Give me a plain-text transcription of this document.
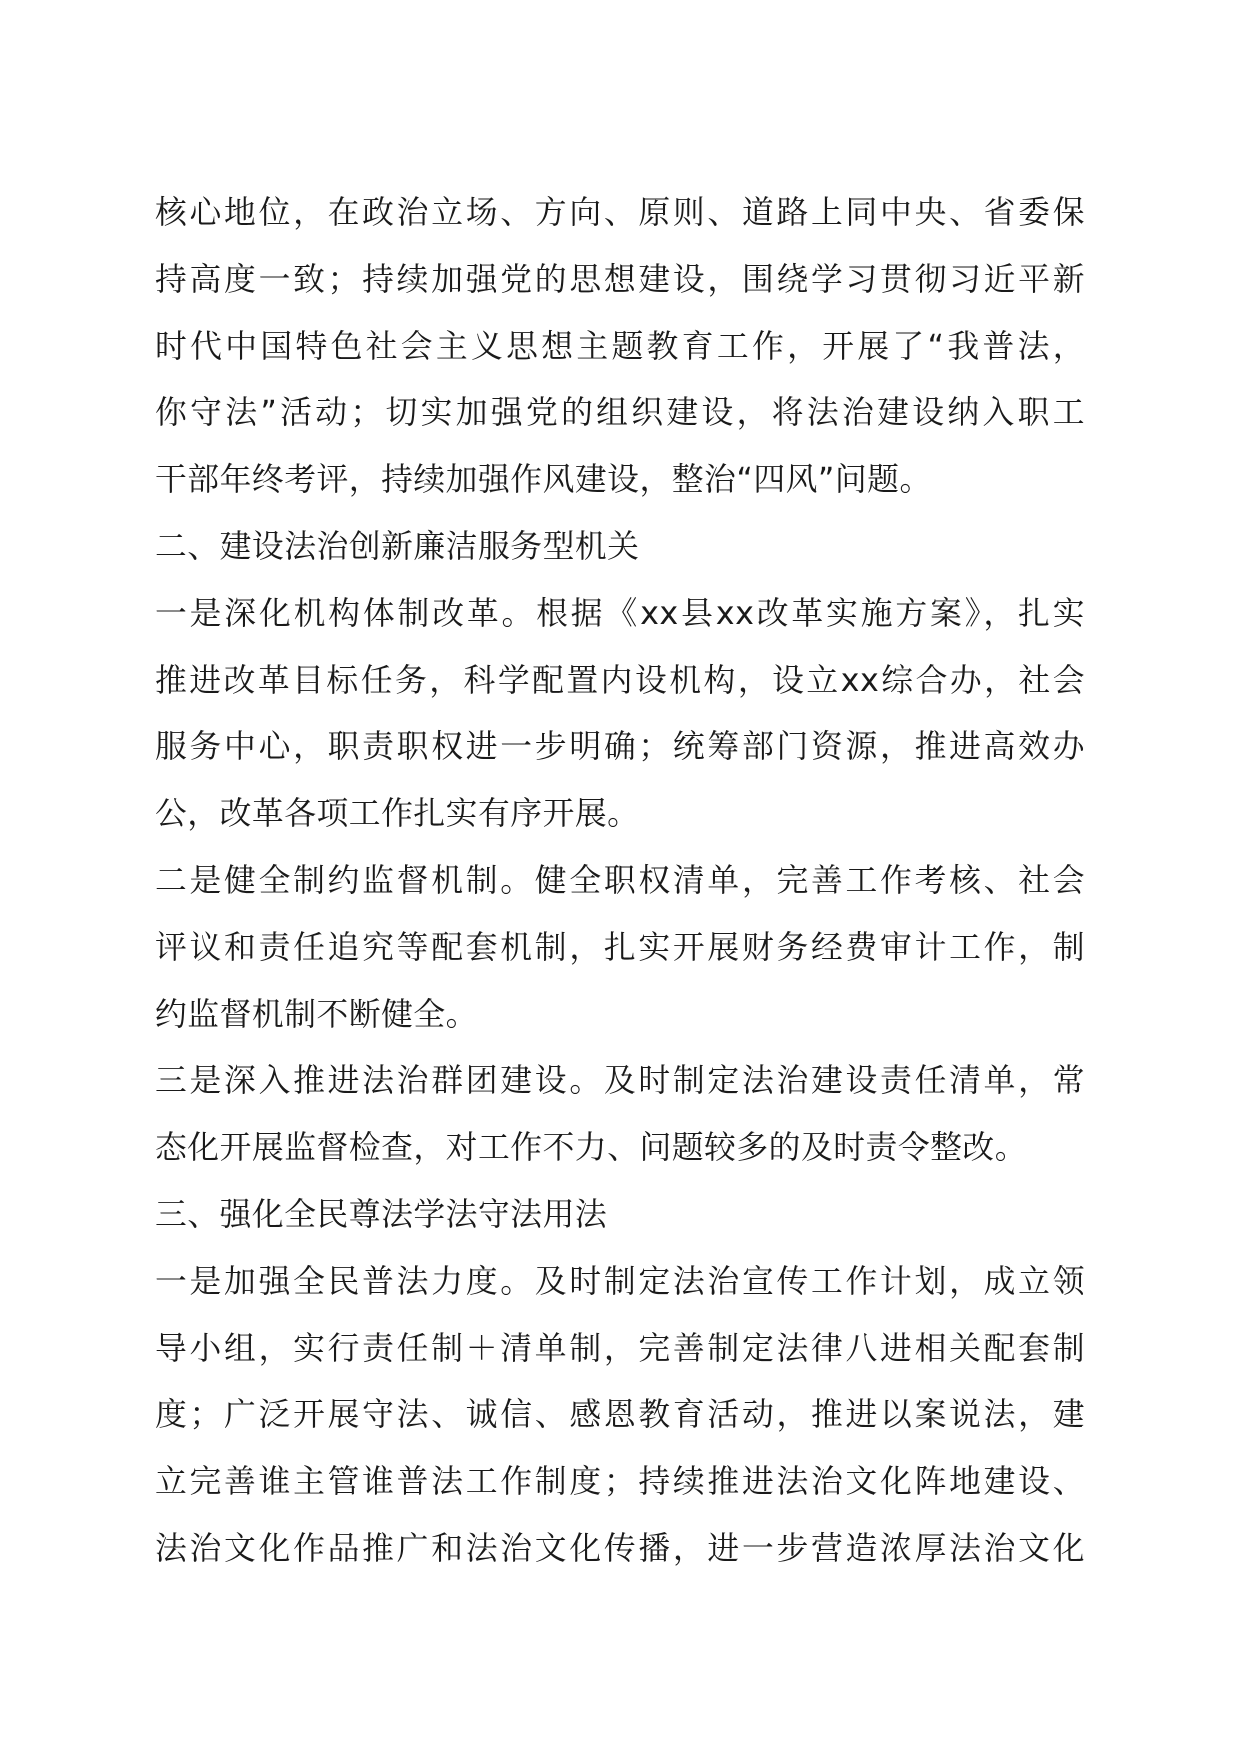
核心地位，在政治立场、方向、原则、道路上同中央、省委保
持高度一致；持续加强党的思想建设，围绕学习贯彻习近平新
时代中国特色社会主义思想主题教育工作，开展了“我普法，
你守法”活动；切实加强党的组织建设，将法治建设纳入职工
干部年终考评，持续加强作风建设，整治“四风”问题。
二、建设法治创新廉洁服务型机关
一是深化机构体制改革。根据《xx县xx改革实施方案》，扎实
推进改革目标任务，科学配置内设机构，设立xx综合办，社会
服务中心，职责职权进一步明确；统筹部门资源，推进高效办
公，改革各项工作扎实有序开展。
二是健全制约监督机制。健全职权清单，完善工作考核、社会
评议和责任追究等配套机制，扎实开展财务经费审计工作，制
约监督机制不断健全。
三是深入推进法治群团建设。及时制定法治建设责任清单，常
态化开展监督检查，对工作不力、问题较多的及时责令整改。
三、强化全民尊法学法守法用法
一是加强全民普法力度。及时制定法治宣传工作计划，成立领
导小组，实行责任制＋清单制，完善制定法律八进相关配套制
度；广泛开展守法、诚信、感恩教育活动，推进以案说法，建
立完善谁主管谁普法工作制度；持续推进法治文化阵地建设、
法治文化作品推广和法治文化传播，进一步营造浓厚法治文化
